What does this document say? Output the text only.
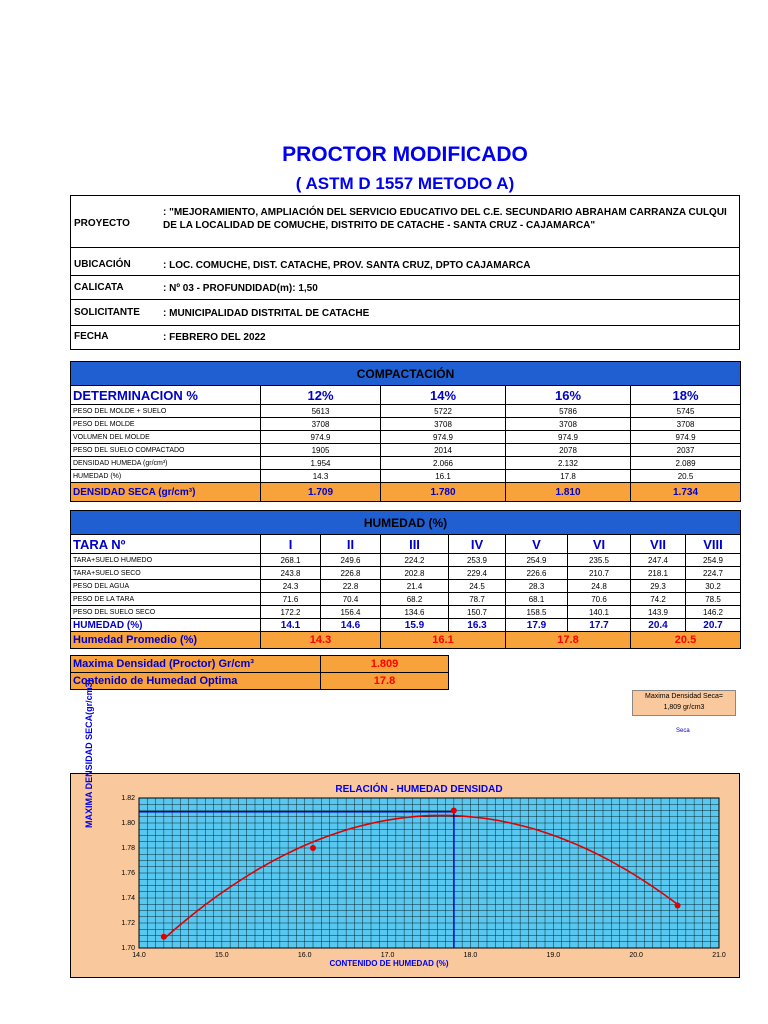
PROCTOR MODIFICADO
( ASTM D 1557 METODO A)
PROYECTO
: "MEJORAMIENTO, AMPLIACIÓN DEL SERVICIO EDUCATIVO DEL C.E. SECUNDARIO ABRAHAM CARRANZA CULQUI DE LA LOCALIDAD DE COMUCHE, DISTRITO DE CATACHE - SANTA CRUZ - CAJAMARCA"
UBICACIÓN	: LOC. COMUCHE, DIST. CATACHE, PROV. SANTA CRUZ, DPTO CAJAMARCA
CALICATA	: Nº 03 - PROFUNDIDAD(m): 1,50
SOLICITANTE : MUNICIPALIDAD DISTRITAL DE CATACHE
FECHA	: FEBRERO DEL 2022
COMPACTACIÓN				
DETERMINACION %	12%	14%	16%	18%
PESO DEL MOLDE + SUELO	5613	5722	5786	5745
PESO DEL MOLDE	3708	3708	3708	3708
VOLUMEN DEL MOLDE	974.9	974.9	974.9	974.9
PESO DEL SUELO COMPACTADO	1905	2014	2078	2037
DENSIDAD HUMEDA (gr/cm³)	1.954	2.066	2.132	2.089
HUMEDAD (%)	14.3	16.1	17.8	20.5
DENSIDAD SECA (gr/cm³)	1.709	1.780	1.810	1.734
HUMEDAD (%)								
TARA Nº	I	II	III	IV	V	VI	VII	VIII
TARA+SUELO HUMEDO	268.1	249.6	224.2	253.9	254.9	235.5	247.4	254.9
TARA+SUELO SECO	243.8	226.8	202.8	229.4	226.6	210.7	218.1	224.7
PESO DEL AGUA	24.3	22.8	21.4	24.5	28.3	24.8	29.3	30.2
PESO DE LA TARA	71.6	70.4	68.2	78.7	68.1	70.6	74.2	78.5
PESO DEL SUELO SECO	172.2	156.4	134.6	150.7	158.5	140.1	143.9	146.2
HUMEDAD (%)	14.1	14.6	15.9	16.3	17.9	17.7	20.4	20.7
Humedad Promedio (%)	14.3		16.1		17.8		20.5	
Maxima Densidad (Proctor) Gr/cm³	1.809
Contenido de Humedad Optima	17.8
Maxima Densidad Seca=
1,809 gr/cm3
Seca
14.0	15.0	16.0	17.0	18.0	19.0	20.0	21.0
1.70
1.72
1.74
1.76
1.78
1.80
1.82
RELACIÓN - HUMEDAD DENSIDAD
CONTENIDO DE HUMEDAD (%)
MAXIMA DENSIDAD SECA(gr/cm3)
